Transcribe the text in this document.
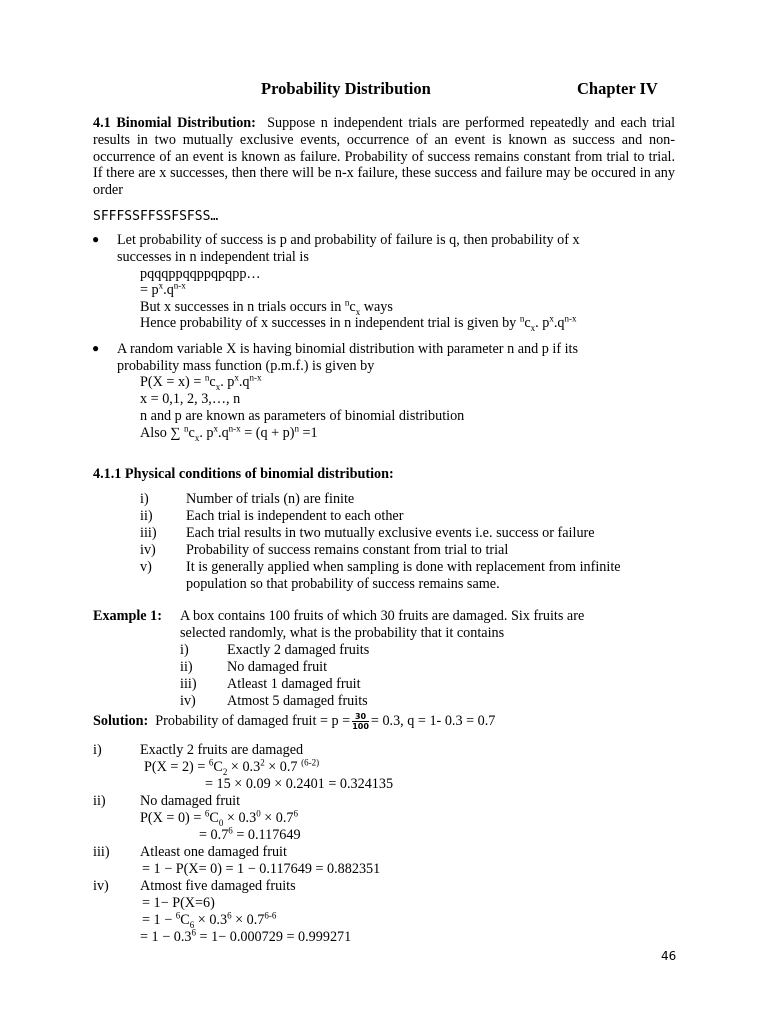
Probability Distribution	Chapter IV
4.1 Binomial Distribution: Suppose n independent trials are performed repeatedly and each trial results in two mutually exclusive events, occurrence of an event is known as success and non-occurrence of an event is known as failure. Probability of success remains constant from trial to trial. If there are x successes, then there will be n-x failure, these success and failure may be occured in any order
SFFFSSFFSSFSFSS…
● Let probability of success is p and probability of failure is q, then probability of x
successes in n independent trial is
pqqqppqqppqpqpp…
= $p^x.q^{n-x}$
But x successes in n trials occurs in $^nc_x$ ways
Hence probability of x successes in n independent trial is given by $^nc_x$. $p^x.q^{n-x}$
● A random variable X is having binomial distribution with parameter n and p if its
probability mass function (p.m.f.) is given by
$P(X = x) = ^nc_x$. $p^x.q^{n-x}$
x = 0,1, 2, 3,…, n
n and p are known as parameters of binomial distribution
Also ∑ $^nc_x$. $p^x.q^{n-x} = (q + p)^n =1$
4.1.1 Physical conditions of binomial distribution:
i)	Number of trials (n) are finite
ii) Each trial is independent to each other
iii) Each trial results in two mutually exclusive events i.e. success or failure
iv) Probability of success remains constant from trial to trial
v) It is generally applied when sampling is done with replacement from infinite
population so that probability of success remains same.
Example 1: A box contains 100 fruits of which 30 fruits are damaged. Six fruits are
selected randomly, what is the probability that it contains
i)	Exactly 2 damaged fruits
ii) No damaged fruit
iii) Atleast 1 damaged fruit
iv) Atmost 5 damaged fruits
Solution: Probability of damaged fruit = $p = \frac{30}{100} = 0.3$, q = 1- 0.3 = 0.7
i)	Exactly 2 fruits are damaged
$P(X = 2) = ^6C_2 \times 0.3^2 \times 0.7$ $^{(6-2)}$
= 15 × 0.09 × 0.2401 = 0.324135
ii) No damaged fruit
$P(X = 0) = ^6C_0 \times 0.3^0 \times 0.7^6$
= $0.7^6 = 0.117649$
iii) Atleast one damaged fruit
= 1 − P(X= 0) = 1 − 0.117649 = 0.882351
iv) Atmost five damaged fruits
= 1− P(X=6)
= $1 - ^6C_6 \times 0.3^6 \times 0.7^{6-6}$
= $1 - 0.3^6 = 1- 0.000729 = 0.999271$
46
